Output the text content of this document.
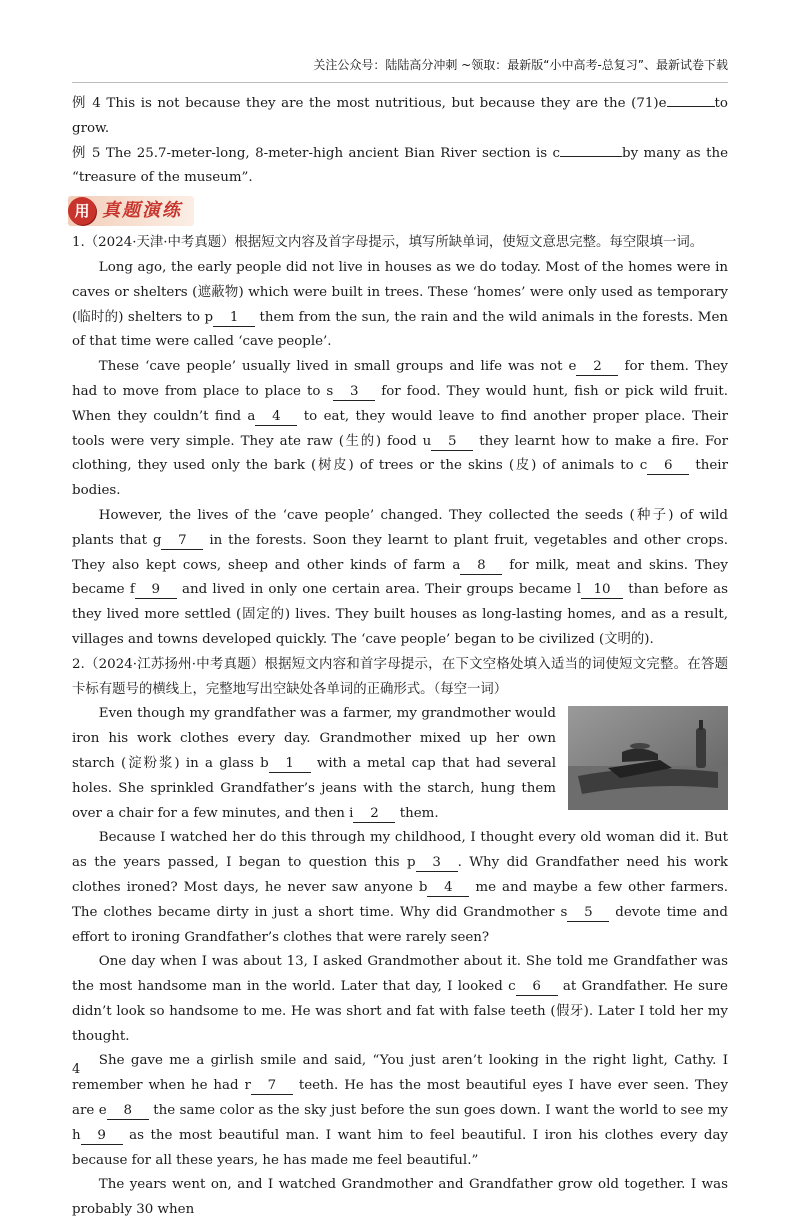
关注公众号：陆陆高分冲刺 ~领取：最新版“小中高考-总复习”、最新试卷下载

例 4 This is not because they are the most nutritious, but because they are the (71)e	to grow.

例 5 The 25.7-meter-long, 8-meter-high ancient Bian River section is c	by many as the “treasure of the museum”.

用 真题演练

1.（2024·天津·中考真题）根据短文内容及首字母提示，填写所缺单词，使短文意思完整。每空限填一词。

Long ago, the early people did not live in houses as we do today. Most of the homes were in caves or shelters (遮蔽物) which were built in trees. These ‘homes’ were only used as temporary (临时的) shelters to p 1 them from the sun, the rain and the wild animals in the forests. Men of that time were called ‘cave people’.

These ‘cave people’ usually lived in small groups and life was not e 2 for them. They had to move from place to place to s 3 for food. They would hunt, fish or pick wild fruit. When they couldn’t find a 4 to eat, they would leave to find another proper place. Their tools were very simple. They ate raw (生的) food u 5 they learnt how to make a fire. For clothing, they used only the bark (树皮) of trees or the skins (皮) of animals to c 6 their bodies.

However, the lives of the ‘cave people’ changed. They collected the seeds (种子) of wild plants that g 7 in the forests. Soon they learnt to plant fruit, vegetables and other crops. They also kept cows, sheep and other kinds of farm a 8 for milk, meat and skins. They became f 9 and lived in only one certain area. Their groups became l 10 than before as they lived more settled (固定的) lives. They built houses as long-lasting homes, and as a result, villages and towns developed quickly. The ‘cave people’ began to be civilized (文明的).

2.（2024·江苏扬州·中考真题）根据短文内容和首字母提示，在下文空格处填入适当的词使短文完整。在答题卡标有题号的横线上，完整地写出空缺处各单词的正确形式。（每空一词）

Even though my grandfather was a farmer, my grandmother would iron his work clothes every day. Grandmother mixed up her own starch (淀粉浆) in a glass b 1 with a metal cap that had several holes. She sprinkled Grandfather’s jeans with the starch, hung them over a chair for a few minutes, and then i 2 them.

Because I watched her do this through my childhood, I thought every old woman did it. But as the years passed, I began to question this p 3 . Why did Grandfather need his work clothes ironed? Most days, he never saw anyone b 4 me and maybe a few other farmers. The clothes became dirty in just a short time. Why did Grandmother s 5 devote time and effort to ironing Grandfather’s clothes that were rarely seen?

One day when I was about 13, I asked Grandmother about it. She told me Grandfather was the most handsome man in the world. Later that day, I looked c 6 at Grandfather. He sure didn’t look so handsome to me. He was short and fat with false teeth (假牙). Later I told her my thought.

She gave me a girlish smile and said, “You just aren’t looking in the right light, Cathy. I remember when he had r 7 teeth. He has the most beautiful eyes I have ever seen. They are e 8 the same color as the sky just before the sun goes down. I want the world to see my h 9 as the most beautiful man. I want him to feel beautiful. I iron his clothes every day because for all these years, he has made me feel beautiful.”

The years went on, and I watched Grandmother and Grandfather grow old together. I was probably 30 when

4
